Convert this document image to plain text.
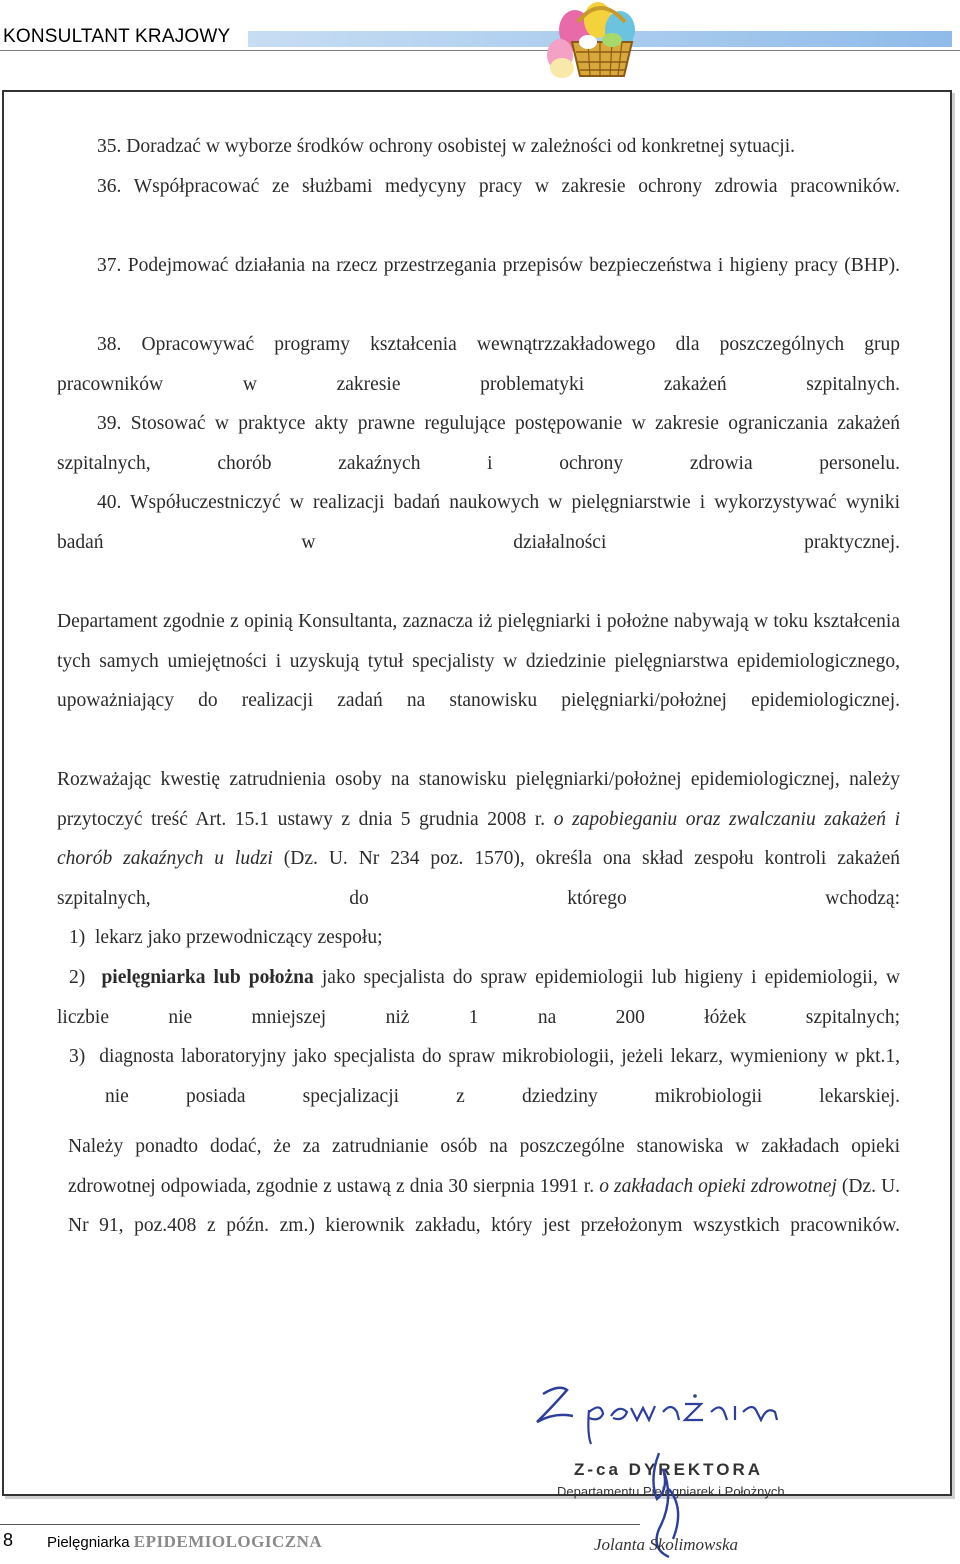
KONSULTANT KRAJOWY

35. Doradzać w wyborze środków ochrony osobistej w zależności od konkretnej sytuacji.

36. Współpracować ze służbami medycyny pracy w zakresie ochrony zdrowia pracowników.

37. Podejmować działania na rzecz przestrzegania przepisów bezpieczeństwa i higieny pracy (BHP).

38. Opracowywać programy kształcenia wewnątrzzakładowego dla poszczególnych grup pracowników w zakresie problematyki zakażeń szpitalnych.

39. Stosować w praktyce akty prawne regulujące postępowanie w zakresie ograniczania zakażeń szpitalnych, chorób zakaźnych i ochrony zdrowia personelu.

40. Współuczestniczyć w realizacji badań naukowych w pielęgniarstwie i wykorzystywać wyniki badań w działalności praktycznej.

Departament zgodnie z opinią Konsultanta, zaznacza iż pielęgniarki i położne nabywają w toku kształcenia tych samych umiejętności i uzyskują tytuł specjalisty w dziedzinie pielęgniarstwa epidemiologicznego, upoważniający do realizacji zadań na stanowisku pielęgniarki/położnej epidemiologicznej.

Rozważając kwestię zatrudnienia osoby na stanowisku pielęgniarki/położnej epidemiologicznej, należy przytoczyć treść Art. 15.1 ustawy z dnia 5 grudnia 2008 r. o zapobieganiu oraz zwalczaniu zakażeń i chorób zakaźnych u ludzi (Dz. U. Nr 234 poz. 1570), określa ona skład zespołu kontroli zakażeń szpitalnych, do którego wchodzą:

1) lekarz jako przewodniczący zespołu;

2) pielęgniarka lub położna jako specjalista do spraw epidemiologii lub higieny i epidemiologii, w liczbie nie mniejszej niż 1 na 200 łóżek szpitalnych;

3) diagnosta laboratoryjny jako specjalista do spraw mikrobiologii, jeżeli lekarz, wymieniony w pkt.1, nie posiada specjalizacji z dziedziny mikrobiologii lekarskiej.

Należy ponadto dodać, że za zatrudnianie osób na poszczególne stanowiska w zakładach opieki zdrowotnej odpowiada, zgodnie z ustawą z dnia 30 sierpnia 1991 r. o zakładach opieki zdrowotnej (Dz. U. Nr 91, poz.408 z późn. zm.) kierownik zakładu, który jest przełożonym wszystkich pracowników.

Z-ca DYREKTORA
Departamentu Pielęgniarek i Położnych
Jolanta Skolimowska
8 Pielęgniarka EPIDEMIOLOGICZNA
